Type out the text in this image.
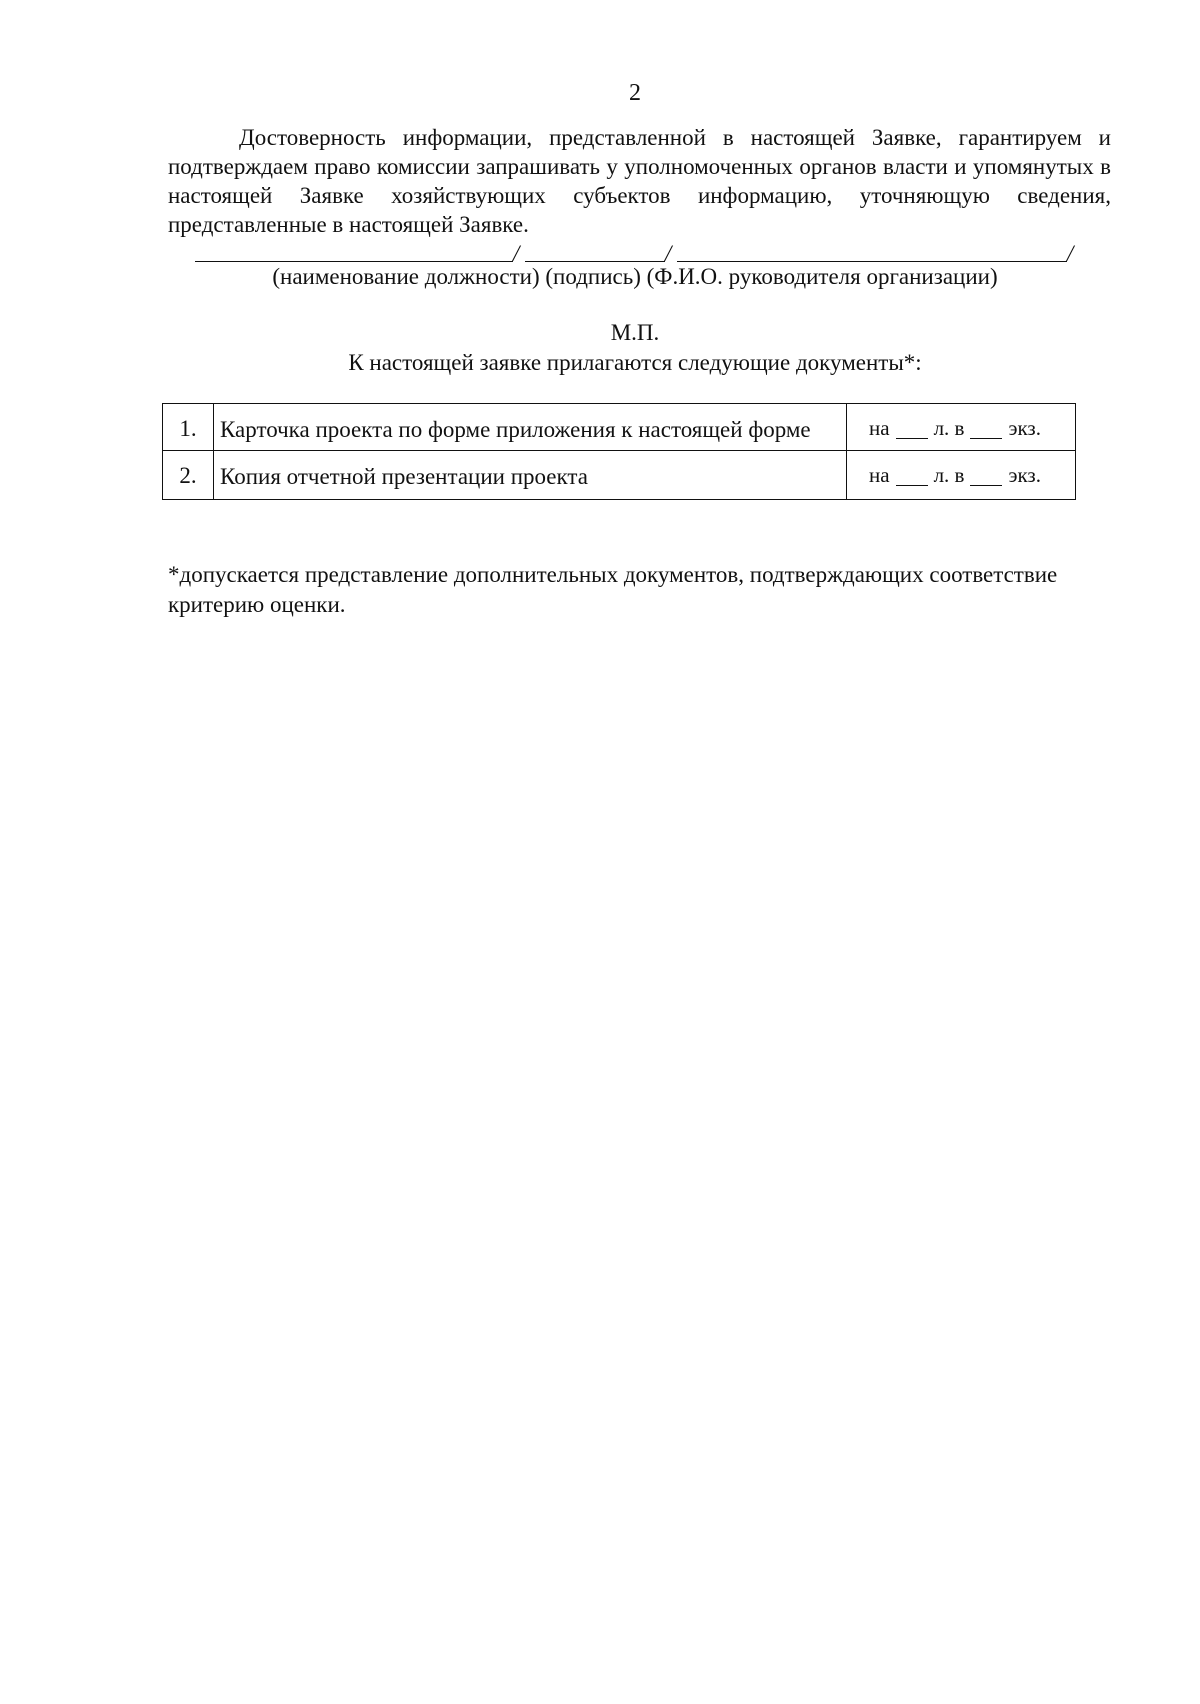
2

Достоверность информации, представленной в настоящей Заявке, гарантируем и подтверждаем право комиссии запрашивать у уполномоченных органов власти и упомянутых в настоящей Заявке хозяйствующих субъектов информацию, уточняющую сведения, представленные в настоящей Заявке.

/	/	/
(наименование должности) (подпись) (Ф.И.О. руководителя организации)
М.П.
К настоящей заявке прилагаются следующие документы*:
1.	Карточка проекта по форме приложения к настоящей форме	на л. в экз.
2.	Копия отчетной презентации проекта	на л. в экз.

*допускается представление дополнительных документов, подтверждающих соответствие критерию оценки.
